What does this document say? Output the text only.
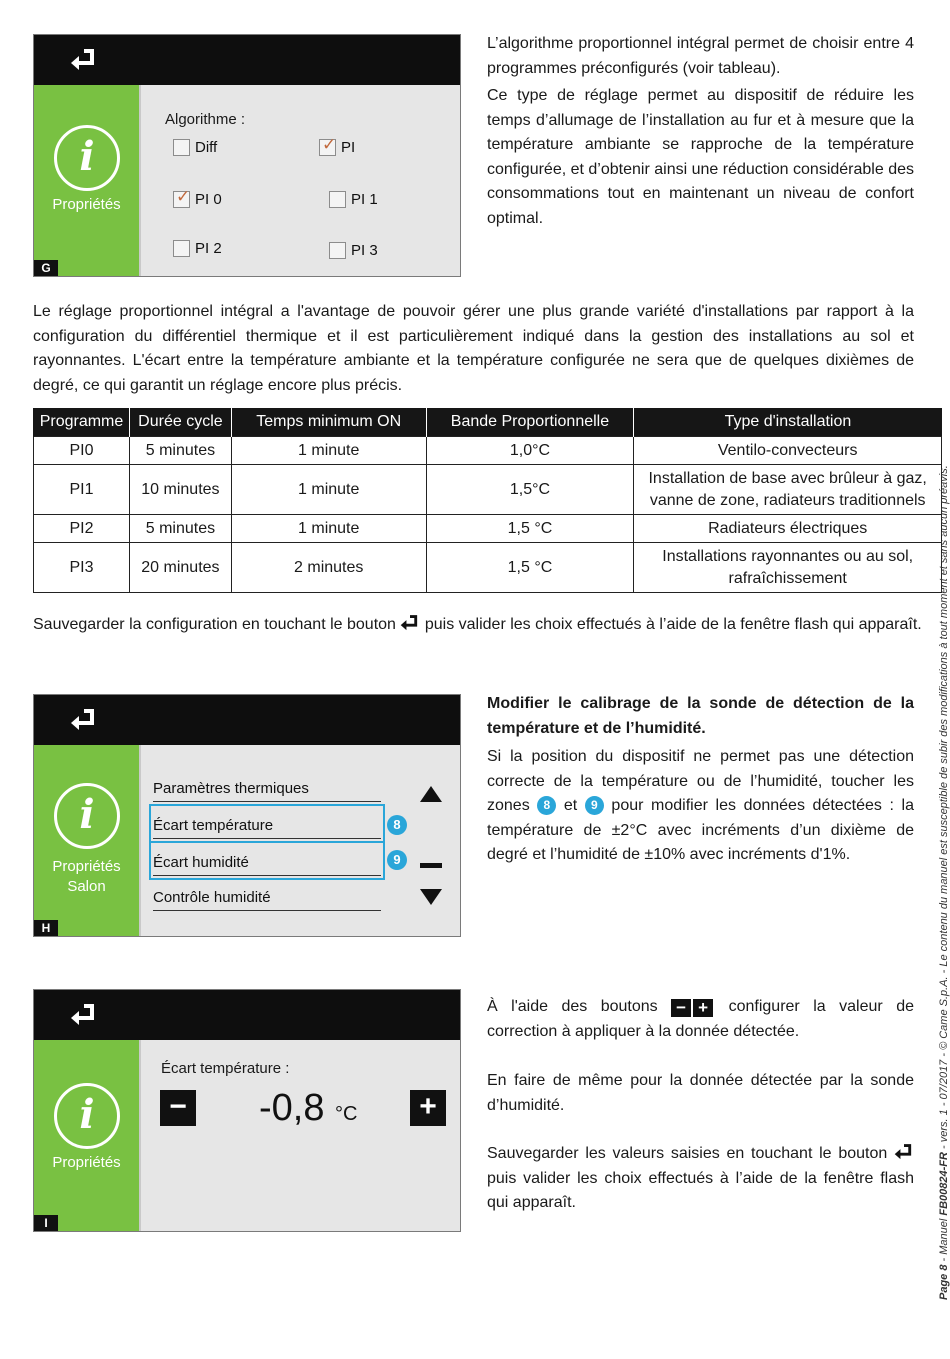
i
Propriétés
Algorithme :
Diff	✓ PI
✓ PI 0	PI 1
PI 2	PI 3
G

L’algorithme proportionnel intégral permet de choisir entre 4 programmes préconfigurés (voir tableau).

Ce type de réglage permet au dispositif de réduire les temps d’allumage de l’installation au fur et à mesure que la température ambiante se rapproche de la température configurée, et d’obtenir ainsi une réduction considérable des consommations tout en maintenant un niveau de confort optimal.

Le réglage proportionnel intégral a l'avantage de pouvoir gérer une plus grande variété d'installations par rapport à la configuration du différentiel thermique et il est particulièrement indiqué dans la gestion des installations au sol et rayonnantes. L'écart entre la température ambiante et la température configurée ne sera que de quelques dixièmes de degré, ce qui garantit un réglage encore plus précis.

Programme	Durée cycle	Temps minimum ON	Bande Proportionnelle	Type d'installation
PI0	5 minutes	1 minute	1,0°C	Ventilo-convecteurs
PI1	10 minutes	1 minute	1,5°C	Installation de base avec brûleur à gaz, vanne de zone, radiateurs traditionnels
PI2	5 minutes	1 minute	1,5 °C	Radiateurs électriques
PI3	20 minutes	2 minutes	1,5 °C	Installations rayonnantes ou au sol, rafraîchissement

Sauvegarder la configuration en touchant le bouton puis valider les choix effectués à l’aide de la fenêtre flash qui apparaît.

i
Propriétés
Salon
Paramètres thermiques
Écart température
Écart humidité
Contrôle humidité
8
9
H
Modifier le calibrage de la sonde de détection de la température et de l’humidité.

Si la position du dispositif ne permet pas une détection correcte de la température ou de l’humidité, toucher les zones 8 et 9 pour modifier les données détectées : la température de ±2°C avec incréments d’un dixième de degré et l’humidité de ±10% avec incréments d'1%.

i
Propriétés
Écart température :
− -0,8 °C	+
I

À l'aide des boutons − + configurer la valeur de correction à appliquer à la donnée détectée.

En faire de même pour la donnée détectée par la sonde d’humidité.

Sauvegarder les valeurs saisies en touchant le bouton  puis valider les choix effectués à l’aide de la fenêtre flash qui apparaît.

Page 8 - Manuel FB00824-FR - vers. 1 - 07/2017 - © Came S.p.A. - Le contenu du manuel est susceptible de subir des modifications à tout moment et sans aucun préavis.
